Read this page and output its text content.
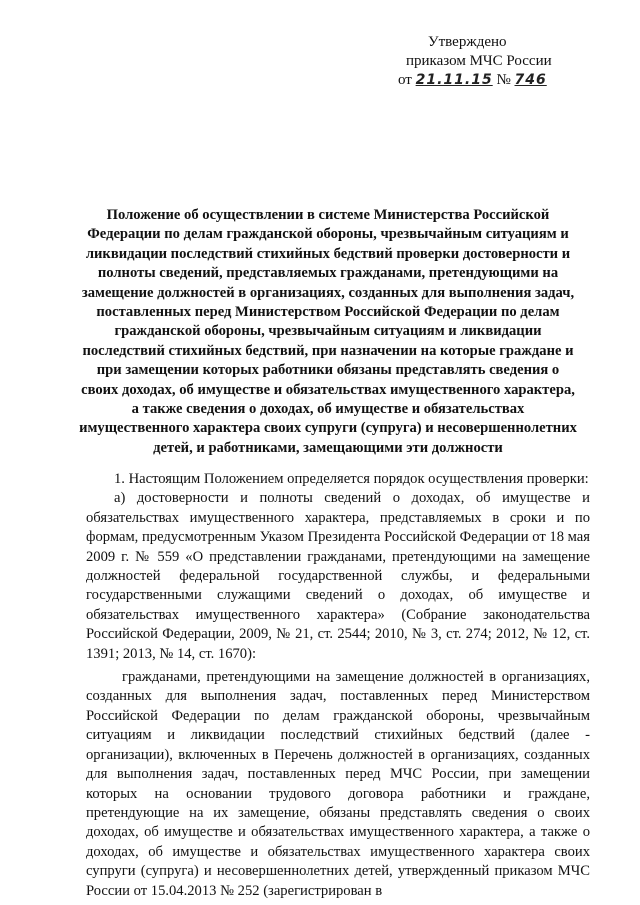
Утверждено
приказом МЧС России
от 21.11.15 № 746
Положение об осуществлении в системе Министерства Российской Федерации по делам гражданской обороны, чрезвычайным ситуациям и ликвидации последствий стихийных бедствий проверки достоверности и полноты сведений, представляемых гражданами, претендующими на замещение должностей в организациях, созданных для выполнения задач, поставленных перед Министерством Российской Федерации по делам гражданской обороны, чрезвычайным ситуациям и ликвидации последствий стихийных бедствий, при назначении на которые граждане и при замещении которых работники обязаны представлять сведения о своих доходах, об имуществе и обязательствах имущественного характера, а также сведения о доходах, об имуществе и обязательствах имущественного характера своих супруги (супруга) и несовершеннолетних детей, и работниками, замещающими эти должности

1. Настоящим Положением определяется порядок осуществления проверки:

а) достоверности и полноты сведений о доходах, об имуществе и обязательствах имущественного характера, представляемых в сроки и по формам, предусмотренным Указом Президента Российской Федерации от 18 мая 2009 г. № 559 «О представлении гражданами, претендующими на замещение должностей федеральной государственной службы, и федеральными государственными служащими сведений о доходах, об имуществе и обязательствах имущественного характера» (Собрание законодательства Российской Федерации, 2009, № 21, ст. 2544; 2010, № 3, ст. 274; 2012, № 12, ст. 1391; 2013, № 14, ст. 1670):

гражданами, претендующими на замещение должностей в организациях, созданных для выполнения задач, поставленных перед Министерством Российской Федерации по делам гражданской обороны, чрезвычайным ситуациям и ликвидации последствий стихийных бедствий (далее - организации), включенных в Перечень должностей в организациях, созданных для выполнения задач, поставленных перед МЧС России, при замещении которых на основании трудового договора работники и граждане, претендующие на их замещение, обязаны представлять сведения о своих доходах, об имуществе и обязательствах имущественного характера, а также о доходах, об имуществе и обязательствах имущественного характера своих супруги (супруга) и несовершеннолетних детей, утвержденный приказом МЧС России от 15.04.2013 № 252 (зарегистрирован в
